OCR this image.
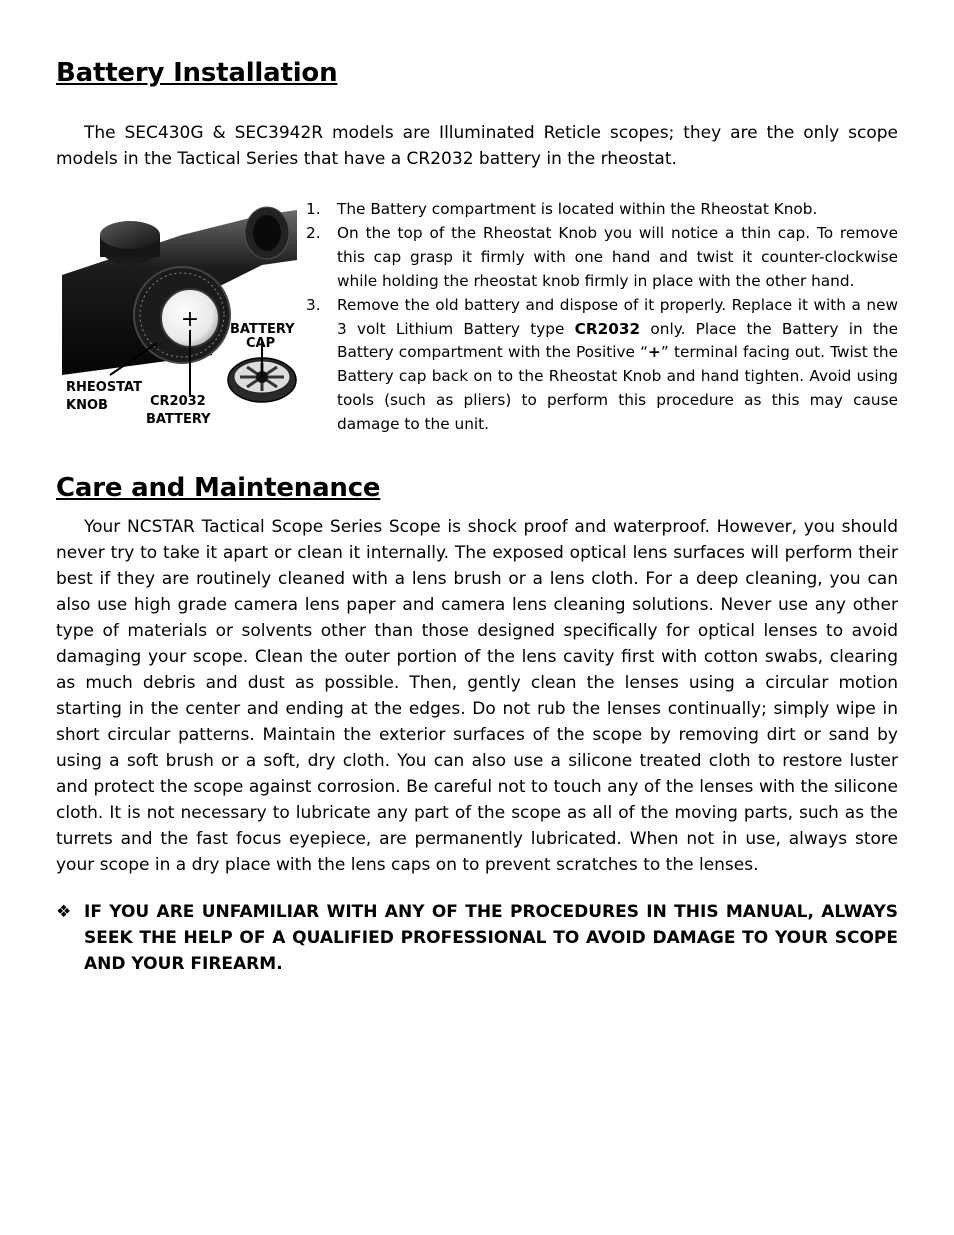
Battery Installation

The SEC430G & SEC3942R models are Illuminated Reticle scopes; they are the only scope models in the Tactical Series that have a CR2032 battery in the rheostat.

+ BATTERY
CAP
RHEOSTAT
KNOB	CR2032
BATTERY
1. The Battery compartment is located within the Rheostat Knob.
2. On the top of the Rheostat Knob you will notice a thin cap. To remove this cap grasp it firmly with one hand and twist it counter-clockwise while holding the rheostat knob firmly in place with the other hand.
3. Remove the old battery and dispose of it properly. Replace it with a new 3 volt Lithium Battery type CR2032 only. Place the Battery in the Battery compartment with the Positive “+” terminal facing out. Twist the Battery cap back on to the Rheostat Knob and hand tighten. Avoid using tools (such as pliers) to perform this procedure as this may cause damage to the unit.
Care and Maintenance

Your NCSTAR Tactical Scope Series Scope is shock proof and waterproof. However, you should never try to take it apart or clean it internally. The exposed optical lens surfaces will perform their best if they are routinely cleaned with a lens brush or a lens cloth. For a deep cleaning, you can also use high grade camera lens paper and camera lens cleaning solutions. Never use any other type of materials or solvents other than those designed specifically for optical lenses to avoid damaging your scope. Clean the outer portion of the lens cavity first with cotton swabs, clearing as much debris and dust as possible. Then, gently clean the lenses using a circular motion starting in the center and ending at the edges. Do not rub the lenses continually; simply wipe in short circular patterns. Maintain the exterior surfaces of the scope by removing dirt or sand by using a soft brush or a soft, dry cloth. You can also use a silicone treated cloth to restore luster and protect the scope against corrosion. Be careful not to touch any of the lenses with the silicone cloth. It is not necessary to lubricate any part of the scope as all of the moving parts, such as the turrets and the fast focus eyepiece, are permanently lubricated. When not in use, always store your scope in a dry place with the lens caps on to prevent scratches to the lenses.

❖ IF YOU ARE UNFAMILIAR WITH ANY OF THE PROCEDURES IN THIS MANUAL, ALWAYS SEEK THE HELP OF A QUALIFIED PROFESSIONAL TO AVOID DAMAGE TO YOUR SCOPE AND YOUR FIREARM.
